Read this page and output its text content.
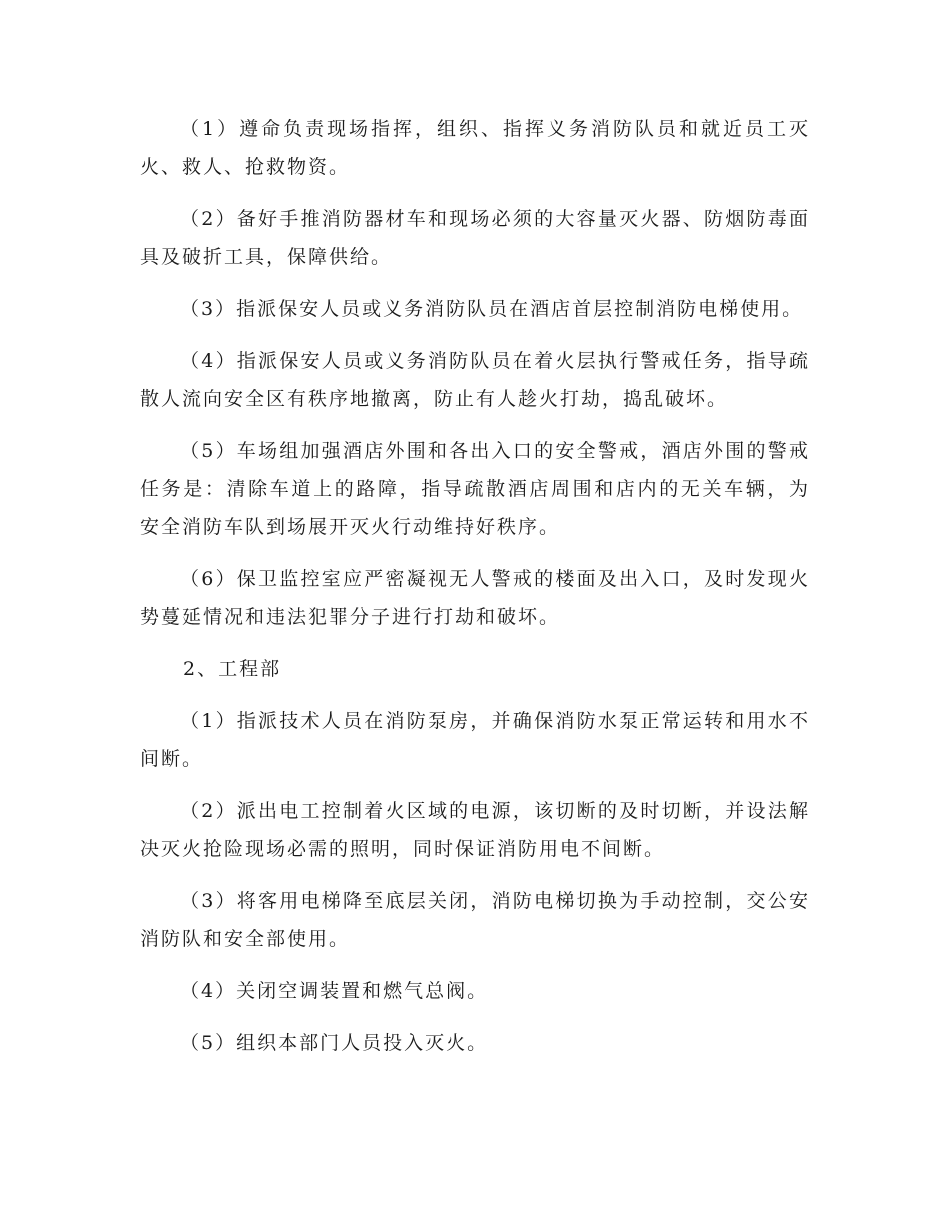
（1）遵命负责现场指挥，组织、指挥义务消防队员和就近员工灭火、救人、抢救物资。

（2）备好手推消防器材车和现场必须的大容量灭火器、防烟防毒面具及破折工具，保障供给。

（3）指派保安人员或义务消防队员在酒店首层控制消防电梯使用。

（4）指派保安人员或义务消防队员在着火层执行警戒任务，指导疏散人流向安全区有秩序地撤离，防止有人趁火打劫，捣乱破坏。

（5）车场组加强酒店外围和各出入口的安全警戒，酒店外围的警戒任务是：清除车道上的路障，指导疏散酒店周围和店内的无关车辆，为安全消防车队到场展开灭火行动维持好秩序。

（6）保卫监控室应严密凝视无人警戒的楼面及出入口，及时发现火势蔓延情况和违法犯罪分子进行打劫和破坏。

2、工程部

（1）指派技术人员在消防泵房，并确保消防水泵正常运转和用水不间断。

（2）派出电工控制着火区域的电源，该切断的及时切断，并设法解决灭火抢险现场必需的照明，同时保证消防用电不间断。

（3）将客用电梯降至底层关闭，消防电梯切换为手动控制，交公安消防队和安全部使用。

（4）关闭空调装置和燃气总阀。

（5）组织本部门人员投入灭火。
